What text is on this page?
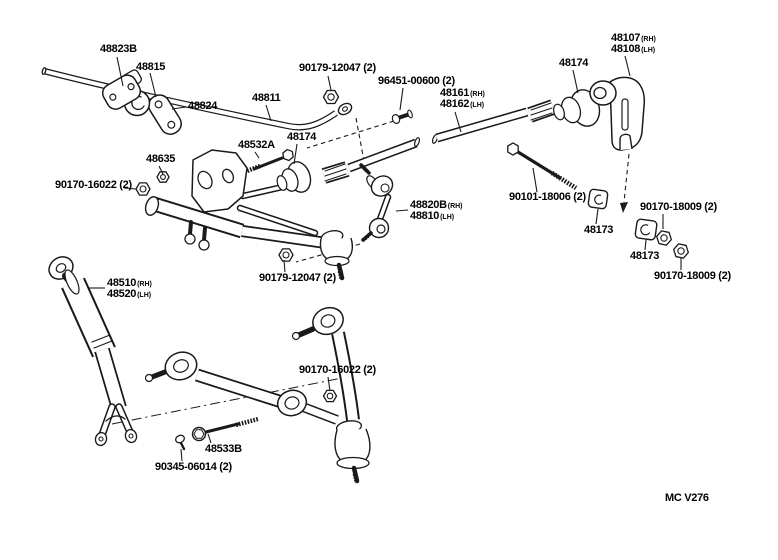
48823B
48815
48824
48811
90179-12047 (2)
96451-00600 (2)
48161(RH)
48162(LH)
48174
48107(RH)
48108(LH)
48532A
48635
90170-16022 (2)
48174
90101-18006 (2)
48173
90170-18009 (2)
48173
90170-18009 (2)
48820B(RH)
48810(LH)
90179-12047 (2)
48510(RH)
48520(LH)
90170-16022 (2)
48533B
90345-06014 (2)
MC V276
